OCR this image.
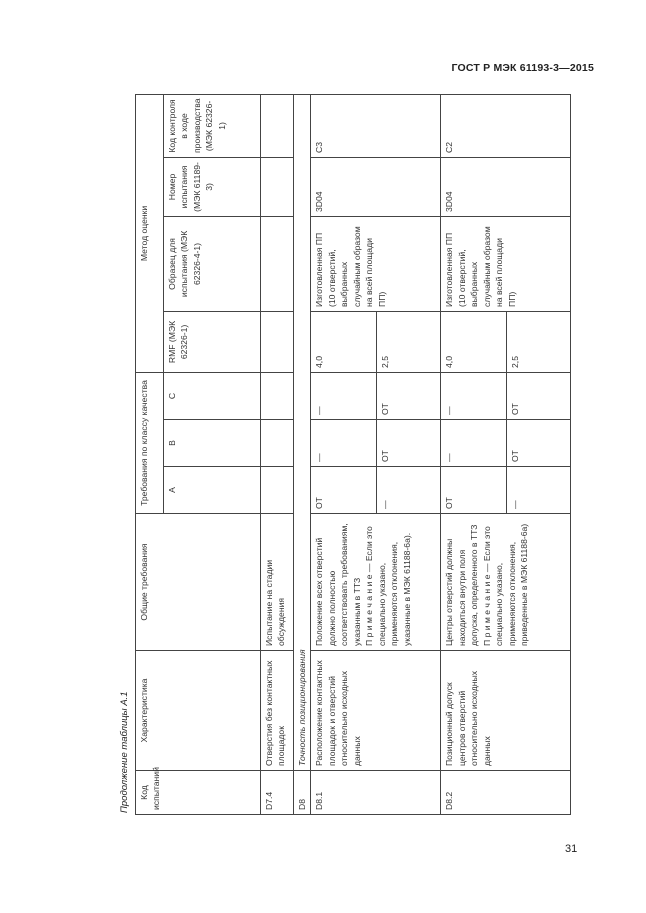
ГОСТ Р МЭК 61193-3—2015
Продолжение таблицы А.1	Код испытаний	Характеристика	Общие требования	Требования по классу качества			Метод оценки			
			А	В	С	RMF (МЭК 62326-1)	Образец для испытания (МЭК 62326-4-1)	Номер испытания (МЭК 61189-3)	Код контроля в ходе производства (МЭК 62326-1)
D7.4	Отверстия без контактных площадок	Испытание на стадии обсуждения							
D8	Точность позиционирования								
D8.1	Расположение контактных площадок и отверстий относительно исходных данных	Положение всех отверстий должно полностью соответствовать требованиям, указанным в ТТЗ П р и м е ч а н и е — Если это специально указано, применяются отклонения, указанные в МЭК 61188-6a).	ОТ	—	—	4,0	Изготовленная ПП (10 отверстий, выбранных случайным образом на всей площади ПП)	3D04	C3
			—	ОТ	ОТ	2,5			
D8.2	Позиционный допуск центров отверстий относительно исходных данных	Центры отверстий должны находиться внутри поля допуска, определенного в ТТЗ П р и м е ч а н и е — Если это специально указано, применяются отклонения, приведенные в МЭК 61188-6a)	ОТ	—	—	4,0	Изготовленная ПП (10 отверстий, выбранных случайным образом на всей площади ПП)	3D04	C2
			—	ОТ	ОТ	2,5			
31
